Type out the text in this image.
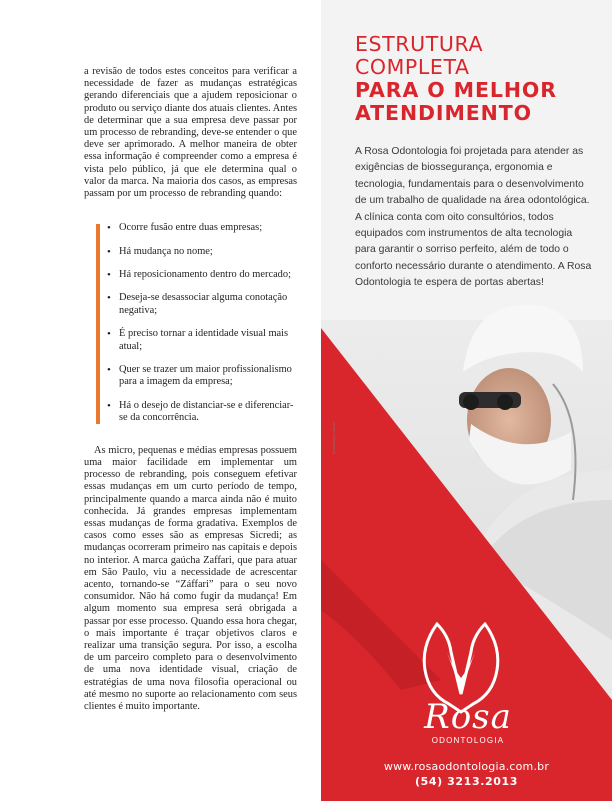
a revisão de todos estes conceitos para verificar a necessidade de fazer as mudanças estratégicas gerando diferenciais que a ajudem reposicionar o produto ou serviço diante dos atuais clientes. Antes de determinar que a sua empresa deve passar por um processo de rebranding, deve-se entender o que deve ser aprimorado. A melhor maneira de obter essa informação é compreender como a empresa é vista pelo público, já que ele determina qual o valor da marca. Na maioria dos casos, as empresas passam por um processo de rebranding quando:

• Ocorre fusão entre duas empresas;
• Há mudança no nome;
• Há reposicionamento dentro do mercado;
• Deseja-se desassociar alguma conotação negativa;
• É preciso tornar a identidade visual mais atual;
• Quer se trazer um maior profissionalismo para a imagem da empresa;
• Há o desejo de distanciar-se e diferenciar-se da concorrência.

As micro, pequenas e médias empresas possuem uma maior facilidade em implementar um processo de rebranding, pois conseguem efetivar essas mudanças em um curto período de tempo, principalmente quando a marca ainda não é muito conhecida. Já grandes empresas implementam essas mudanças de forma gradativa. Exemplos de casos como esses são as empresas Sicredi; as mudanças ocorreram primeiro nas capitais e depois no interior. A marca gaúcha Zaffari, que para atuar em São Paulo, viu a necessidade de acrescentar acento, tornando-se “Záffari” para o seu novo consumidor. Não há como fugir da mudança! Em algum momento sua empresa será obrigada a passar por esse processo. Quando essa hora chegar, o mais importante é traçar objetivos claros e realizar uma transição segura. Por isso, a escolha de um parceiro completo para o desenvolvimento de uma nova identidade visual, criação de estratégias de uma nova filosofia operacional ou até mesmo no suporte ao relacionamento com seus clientes é muito importante.

ESTRUTURA
COMPLETA
PARA O MELHOR
ATENDIMENTO

A Rosa Odontologia foi projetada para atender as exigências de biossegurança, ergonomia e tecnologia, fundamentais para o desenvolvimento de um trabalho de qualidade na área odontológica. A clínica conta com oito consultórios, todos equipados com instrumentos de alta tecnologia para garantir o sorriso perfeito, além de todo o conforto necessário durante o atendimento. A Rosa Odontologia te espera de portas abertas!

Rosa
ODONTOLOGIA
www.rosaodontologia.com.br
(54) 3213.2013
brandcaps.com.br
